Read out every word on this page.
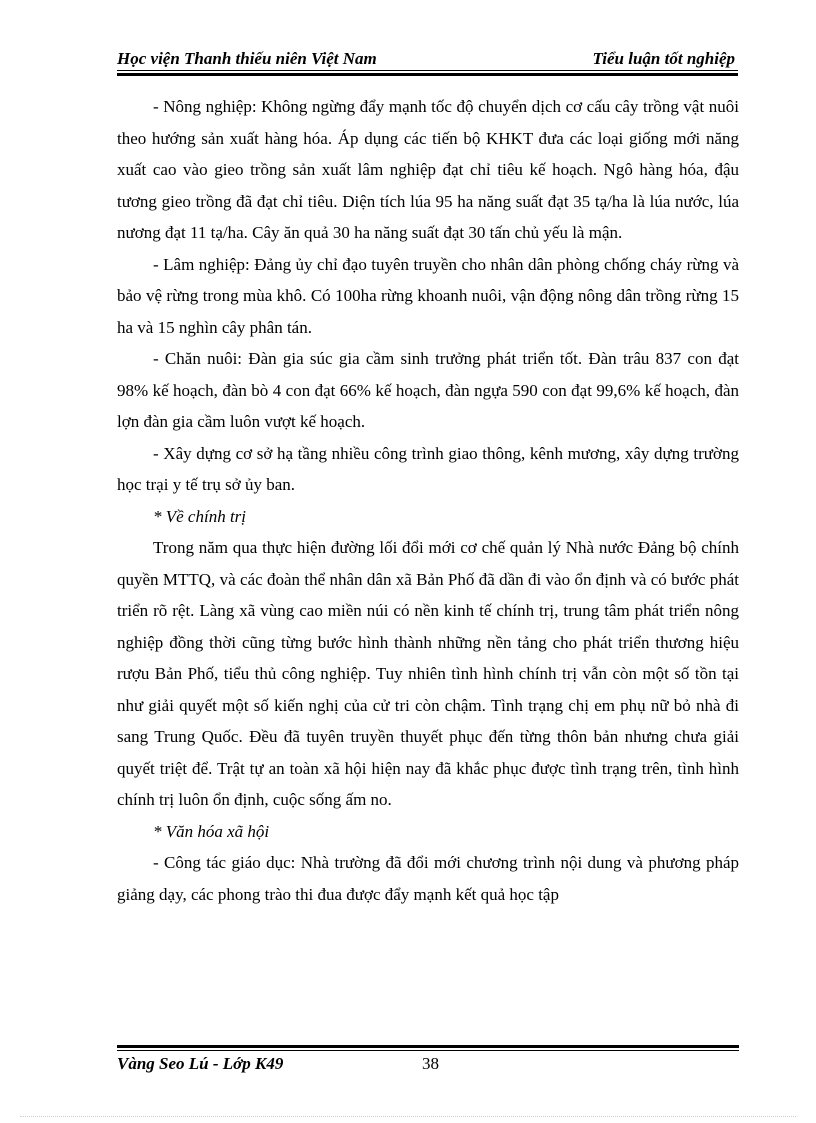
Học viện Thanh thiếu niên Việt Nam	Tiểu luận tốt nghiệp

- Nông nghiệp: Không ngừng đẩy mạnh tốc độ chuyển dịch cơ cấu cây trồng vật nuôi theo hướng sản xuất hàng hóa. Áp dụng các tiến bộ KHKT đưa các loại giống mới năng xuất cao vào gieo trồng sản xuất lâm nghiệp đạt chỉ tiêu kế hoạch. Ngô hàng hóa, đậu tương gieo trồng đã đạt chỉ tiêu. Diện tích lúa 95 ha năng suất đạt 35 tạ/ha là lúa nước, lúa nương đạt 11 tạ/ha. Cây ăn quả 30 ha năng suất đạt 30 tấn chủ yếu là mận.

- Lâm nghiệp: Đảng ủy chỉ đạo tuyên truyền cho nhân dân phòng chống cháy rừng và bảo vệ rừng trong mùa khô. Có 100ha rừng khoanh nuôi, vận động nông dân trồng rừng 15 ha và 15 nghìn cây phân tán.

- Chăn nuôi: Đàn gia súc gia cầm sinh trưởng phát triển tốt. Đàn trâu 837 con đạt 98% kế hoạch, đàn bò 4 con đạt 66% kế hoạch, đàn ngựa 590 con đạt 99,6% kế hoạch, đàn lợn đàn gia cầm luôn vượt kế hoạch.

- Xây dựng cơ sở hạ tầng nhiều công trình giao thông, kênh mương, xây dựng trường học trại y tế trụ sở ủy ban.

* Về chính trị

Trong năm qua thực hiện đường lối đổi mới cơ chế quản lý Nhà nước Đảng bộ chính quyền MTTQ, và các đoàn thể nhân dân xã Bản Phố đã dần đi vào ổn định và có bước phát triển rõ rệt. Làng xã vùng cao miền núi có nền kinh tế chính trị, trung tâm phát triển nông nghiệp đồng thời cũng từng bước hình thành những nền tảng cho phát triển thương hiệu rượu Bản Phố, tiểu thủ công nghiệp. Tuy nhiên tình hình chính trị vẫn còn một số tồn tại như giải quyết một số kiến nghị của cử tri còn chậm. Tình trạng chị em phụ nữ bỏ nhà đi sang Trung Quốc. Đều đã tuyên truyền thuyết phục đến từng thôn bản nhưng chưa giải quyết triệt để. Trật tự an toàn xã hội hiện nay đã khắc phục được tình trạng trên, tình hình chính trị luôn ổn định, cuộc sống ấm no.

* Văn hóa xã hội

- Công tác giáo dục: Nhà trường đã đổi mới chương trình nội dung và phương pháp giảng dạy, các phong trào thi đua được đẩy mạnh kết quả học tập

Vàng Seo Lú - Lớp K49	38
